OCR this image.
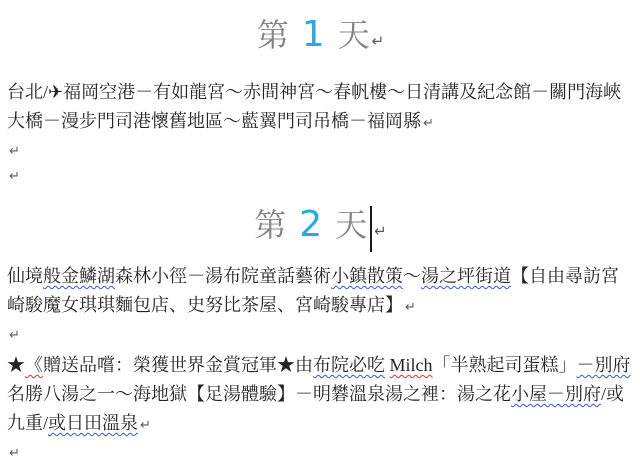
第 1 天 ↵

台北/✈福岡空港－有如龍宮～赤間神宮～春帆樓～日清講及紀念館－關門海峽
大橋－漫步門司港懷舊地區～藍翼門司吊橋－福岡縣 ↵

↵
↵
第 2 天 ↵

仙境般金鱗湖森林小徑－湯布院童話藝術小鎮散策～湯之坪街道【自由尋訪宮
崎駿魔女琪琪麵包店、史努比茶屋、宮崎駿專店】 ↵

↵

★《贈送品嚐：榮獲世界金賞冠軍★由布院必吃 Milch「半熟起司蛋糕」－別府
名勝八湯之一～海地獄【足湯體驗】－明礬溫泉湯之裡：湯之花小屋－別府/或
九重/或日田溫泉 ↵

↵
